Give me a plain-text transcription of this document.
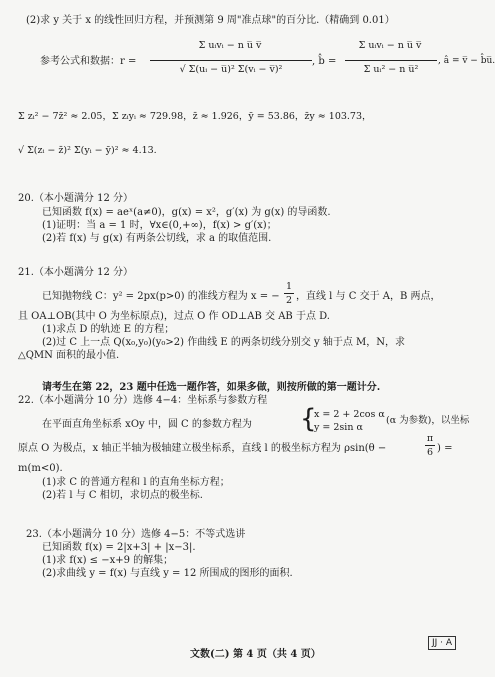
(2)求 y 关于 x 的线性回归方程，并预测第 9 周"准点球"的百分比.（精确到 0.01）
参考公式和数据：r =
Σ uᵢvᵢ − n u̅ v̅
√ Σ(uᵢ − u̅)² Σ(vᵢ − v̅)²
, b̂ =
Σ uᵢvᵢ − n u̅ v̅
Σ uᵢ² − n u̅²
, â = v̅ − b̂u̅.
Σ zᵢ² − 7z̄² ≈ 2.05，Σ zᵢyᵢ ≈ 729.98，z̄ ≈ 1.926，ȳ = 53.86，z̄y ≈ 103.73，
√ Σ(zᵢ − z̄)² Σ(yᵢ − ȳ)² ≈ 4.13.
20.（本小题满分 12 分）
已知函数 f(x) = aeˣ(a≠0)，g(x) = x²，g′(x) 为 g(x) 的导函数.
(1)证明：当 a = 1 时，∀x∈(0,+∞)，f(x) > g′(x)；
(2)若 f(x) 与 g(x) 有两条公切线，求 a 的取值范围.
21.（本小题满分 12 分）
已知抛物线 C：y² = 2px(p>0) 的准线方程为 x = −
1
2 ，直线 l 与 C 交于 A，B 两点，
且 OA⊥OB(其中 O 为坐标原点)，过点 O 作 OD⊥AB 交 AB 于点 D.
(1)求点 D 的轨迹 E 的方程；
(2)过 C 上一点 Q(x₀,y₀)(y₀>2) 作曲线 E 的两条切线分别交 y 轴于点 M，N，求
△QMN 面积的最小值.
请考生在第 22，23 题中任选一题作答，如果多做，则按所做的第一题计分.
22.（本小题满分 10 分）选修 4−4：坐标系与参数方程
在平面直角坐标系 xOy 中，圆 C 的参数方程为 {
x = 2 + 2cos α
y = 2sin α
(α 为参数)，以坐标
原点 O 为极点，x 轴正半轴为极轴建立极坐标系，直线 l 的极坐标方程为 ρsin(θ −
π
6 ) =
m(m<0).
(1)求 C 的普通方程和 l 的直角坐标方程；
(2)若 l 与 C 相切，求切点的极坐标.
23.（本小题满分 10 分）选修 4−5：不等式选讲
已知函数 f(x) = 2|x+3| + |x−3|.
(1)求 f(x) ≤ −x+9 的解集；
(2)求曲线 y = f(x) 与直线 y = 12 所围成的图形的面积.
文数(二) 第 4 页（共 4 页）
JJ · A
